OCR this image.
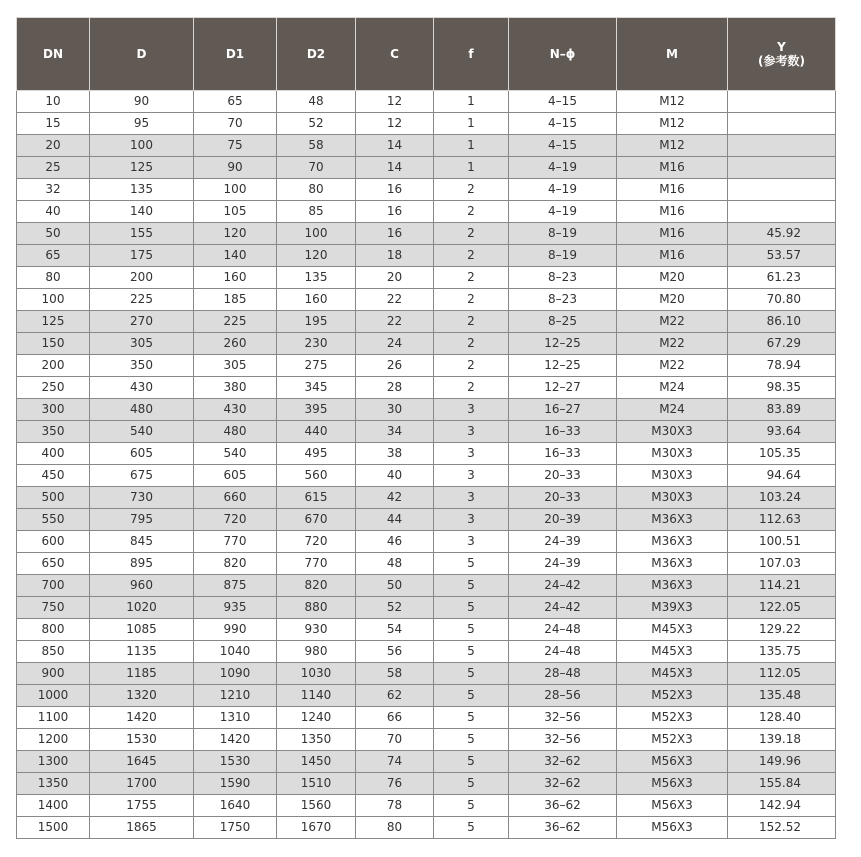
DN	D	D1	D2	C	f	N–ϕ	M	Y
(参考数)

10	90	65	48	12	1	4–15	M12	
15	95	70	52	12	1	4–15	M12	
20	100	75	58	14	1	4–15	M12	
25	125	90	70	14	1	4–19	M16	
32	135	100	80	16	2	4–19	M16	
40	140	105	85	16	2	4–19	M16	
50	155	120	100	16	2	8–19	M16	45.92
65	175	140	120	18	2	8–19	M16	53.57
80	200	160	135	20	2	8–23	M20	61.23
100	225	185	160	22	2	8–23	M20	70.80
125	270	225	195	22	2	8–25	M22	86.10
150	305	260	230	24	2	12–25	M22	67.29
200	350	305	275	26	2	12–25	M22	78.94
250	430	380	345	28	2	12–27	M24	98.35
300	480	430	395	30	3	16–27	M24	83.89
350	540	480	440	34	3	16–33	M30X3	93.64
400	605	540	495	38	3	16–33	M30X3	105.35
450	675	605	560	40	3	20–33	M30X3	94.64
500	730	660	615	42	3	20–33	M30X3	103.24
550	795	720	670	44	3	20–39	M36X3	112.63
600	845	770	720	46	3	24–39	M36X3	100.51
650	895	820	770	48	5	24–39	M36X3	107.03
700	960	875	820	50	5	24–42	M36X3	114.21
750	1020	935	880	52	5	24–42	M39X3	122.05
800	1085	990	930	54	5	24–48	M45X3	129.22
850	1135	1040	980	56	5	24–48	M45X3	135.75
900	1185	1090	1030	58	5	28–48	M45X3	112.05
1000	1320	1210	1140	62	5	28–56	M52X3	135.48
1100	1420	1310	1240	66	5	32–56	M52X3	128.40
1200	1530	1420	1350	70	5	32–56	M52X3	139.18
1300	1645	1530	1450	74	5	32–62	M56X3	149.96
1350	1700	1590	1510	76	5	32–62	M56X3	155.84
1400	1755	1640	1560	78	5	36–62	M56X3	142.94
1500	1865	1750	1670	80	5	36–62	M56X3	152.52
